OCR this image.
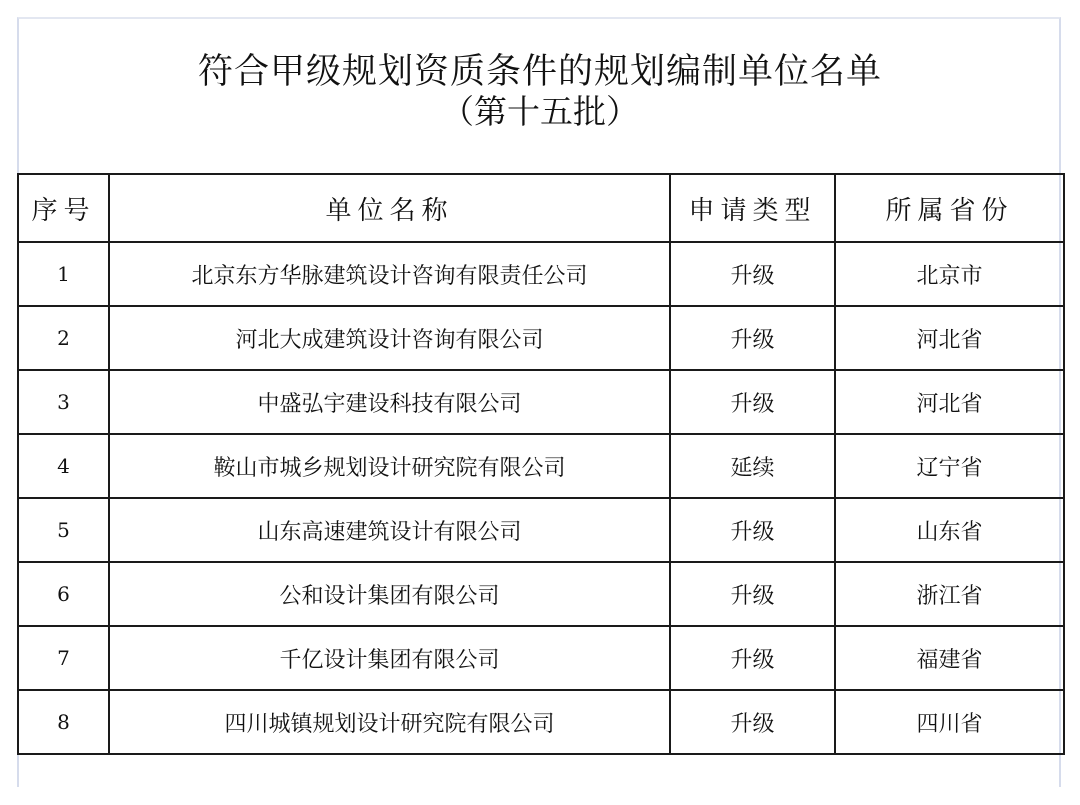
符合甲级规划资质条件的规划编制单位名单
（第十五批）
序号	单位名称	申请类型	所属省份
1	北京东方华脉建筑设计咨询有限责任公司	升级	北京市
2	河北大成建筑设计咨询有限公司	升级	河北省
3	中盛弘宇建设科技有限公司	升级	河北省
4	鞍山市城乡规划设计研究院有限公司	延续	辽宁省
5	山东高速建筑设计有限公司	升级	山东省
6	公和设计集团有限公司	升级	浙江省
7	千亿设计集团有限公司	升级	福建省
8	四川城镇规划设计研究院有限公司	升级	四川省
